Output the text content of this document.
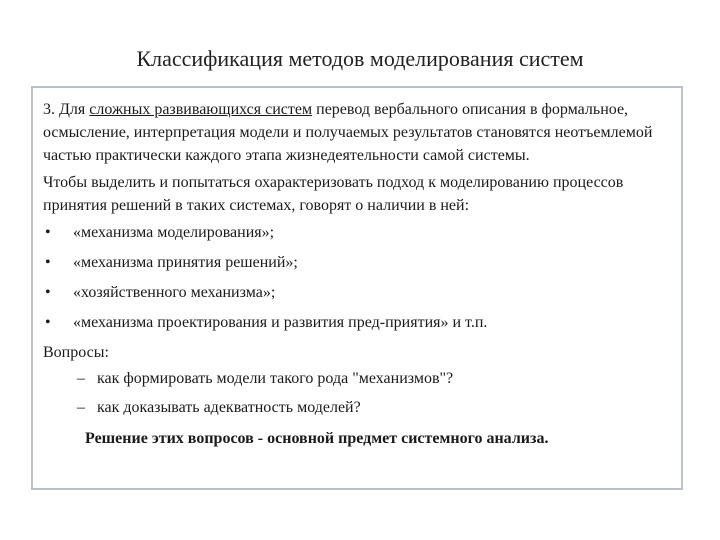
Классификация методов моделирования систем

3. Для сложных развивающихся систем перевод вербального описания в формальное, осмысление, интерпретация модели и получаемых результатов становятся неотъемлемой частью практически каждого этапа жизнедеятельности самой системы.

Чтобы выделить и попытаться охарактеризовать подход к моделированию процессов принятия решений в таких системах, говорят о наличии в ней:

• «механизма моделирования»;
• «механизма принятия решений»;
• «хозяйственного механизма»;
• «механизма проектирования и развития пред-приятия» и т.п.

Вопросы:

– как формировать модели такого рода "механизмов"?
– как доказывать адекватность моделей?

Решение этих вопросов - основной предмет системного анализа.
